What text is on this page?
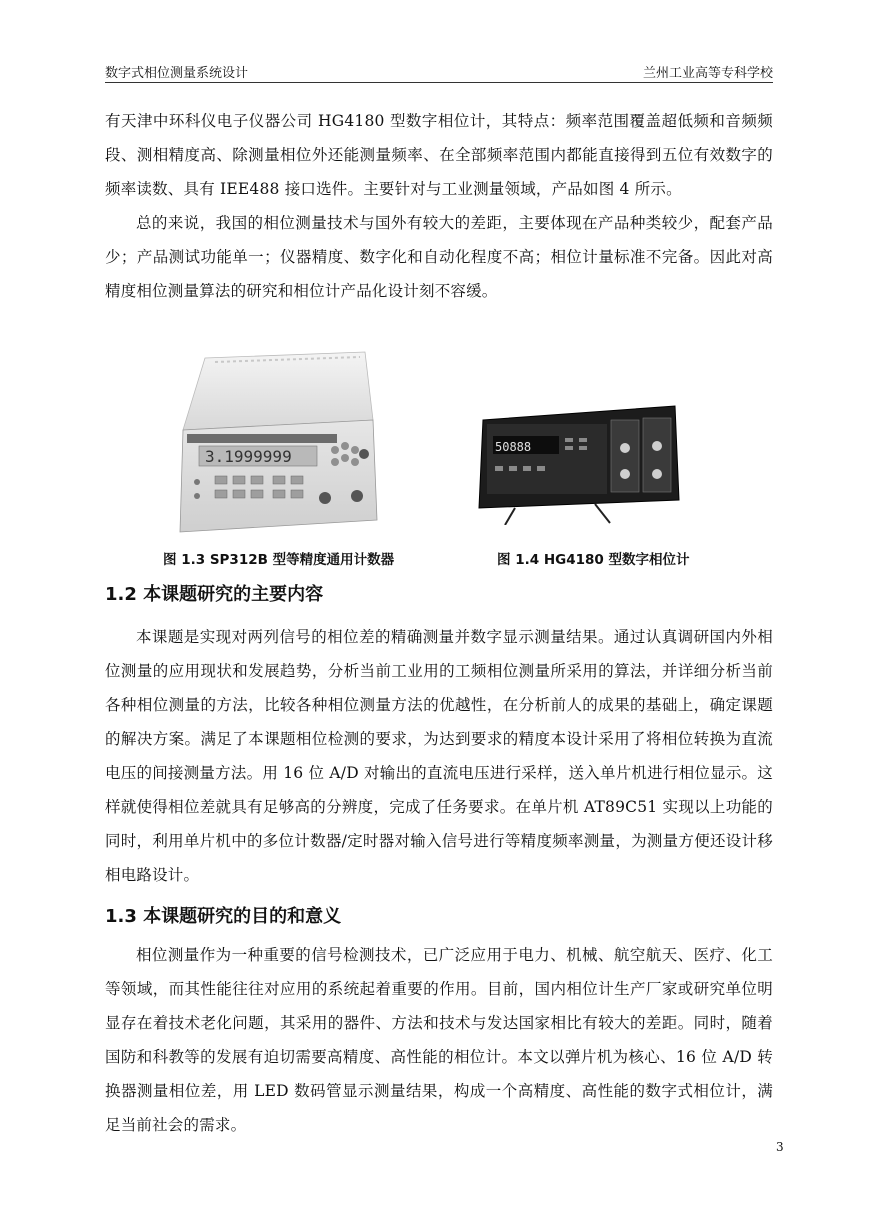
数字式相位测量系统设计	兰州工业高等专科学校

有天津中环科仪电子仪器公司 HG4180 型数字相位计，其特点：频率范围覆盖超低频和音频频段、测相精度高、除测量相位外还能测量频率、在全部频率范围内都能直接得到五位有效数字的频率读数、具有 IEE488 接口选件。主要针对与工业测量领域，产品如图 4 所示。

总的来说，我国的相位测量技术与国外有较大的差距，主要体现在产品种类较少，配套产品少；产品测试功能单一；仪器精度、数字化和自动化程度不高；相位计量标准不完备。因此对高精度相位测量算法的研究和相位计产品化设计刻不容缓。

3.1999999	50888
图 1.3 SP312B 型等精度通用计数器	图 1.4 HG4180 型数字相位计
1.2 本课题研究的主要内容

本课题是实现对两列信号的相位差的精确测量并数字显示测量结果。通过认真调研国内外相位测量的应用现状和发展趋势，分析当前工业用的工频相位测量所采用的算法，并详细分析当前各种相位测量的方法，比较各种相位测量方法的优越性，在分析前人的成果的基础上，确定课题的解决方案。满足了本课题相位检测的要求，为达到要求的精度本设计采用了将相位转换为直流电压的间接测量方法。用 16 位 A/D 对输出的直流电压进行采样，送入单片机进行相位显示。这样就使得相位差就具有足够高的分辨度，完成了任务要求。在单片机 AT89C51 实现以上功能的同时，利用单片机中的多位计数器/定时器对输入信号进行等精度频率测量，为测量方便还设计移相电路设计。

1.3 本课题研究的目的和意义

相位测量作为一种重要的信号检测技术，已广泛应用于电力、机械、航空航天、医疗、化工等领域，而其性能往往对应用的系统起着重要的作用。目前，国内相位计生产厂家或研究单位明显存在着技术老化问题，其采用的器件、方法和技术与发达国家相比有较大的差距。同时，随着国防和科教等的发展有迫切需要高精度、高性能的相位计。本文以弹片机为核心、16 位 A/D 转换器测量相位差，用 LED 数码管显示测量结果，构成一个高精度、高性能的数字式相位计，满足当前社会的需求。

3
